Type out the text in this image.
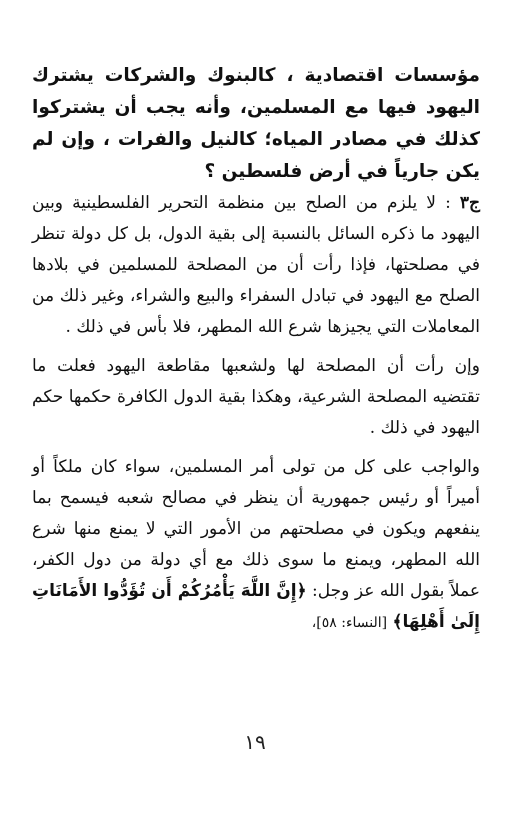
مؤسسات اقتصادية ، كالبنوك والشركات يشترك اليهود فيها مع المسلمين، وأنه يجب أن يشتركوا كذلك في مصادر المياه؛ كالنيل والفرات ، وإن لم يكن جارياً في أرض فلسطين ؟

ج٣ : لا يلزم من الصلح بين منظمة التحرير الفلسطينية وبين اليهود ما ذكره السائل بالنسبة إلى بقية الدول، بل كل دولة تنظر في مصلحتها، فإذا رأت أن من المصلحة للمسلمين في بلادها الصلح مع اليهود في تبادل السفراء والبيع والشراء، وغير ذلك من المعاملات التي يجيزها شرع الله المطهر، فلا بأس في ذلك .

وإن رأت أن المصلحة لها ولشعبها مقاطعة اليهود فعلت ما تقتضيه المصلحة الشرعية، وهكذا بقية الدول الكافرة حكمها حكم اليهود في ذلك .

والواجب على كل من تولى أمر المسلمين، سواء كان ملكاً أو أميراً أو رئيس جمهورية أن ينظر في مصالح شعبه فيسمح بما ينفعهم ويكون في مصلحتهم من الأمور التي لا يمنع منها شرع الله المطهر، ويمنع ما سوى ذلك مع أي دولة من دول الكفر، عملاً بقول الله عز وجل: ﴿إِنَّ اللَّهَ يَأْمُرُكُمْ أَن تُؤَدُّوا الأَمَانَاتِ إِلَىٰ أَهْلِهَا﴾ [النساء: ٥٨]،

١٩
